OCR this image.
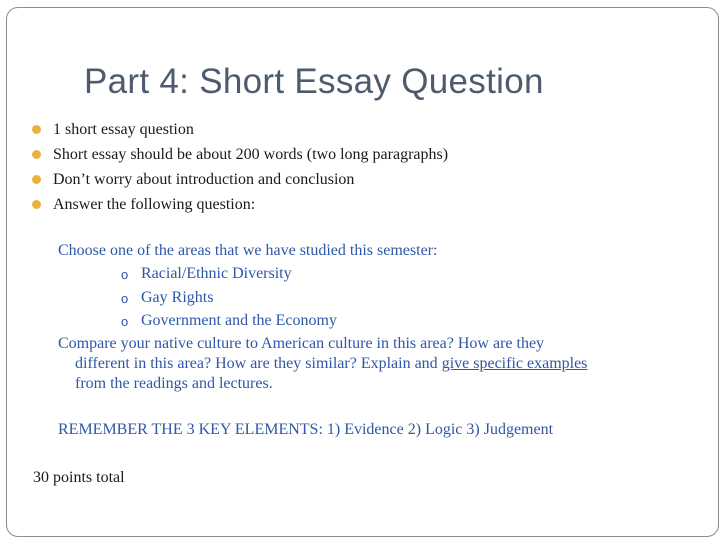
Part 4: Short Essay Question
1 short essay question
Short essay should be about 200 words (two long paragraphs)
Don’t worry about introduction and conclusion
Answer the following question:
Choose one of the areas that we have studied this semester:
o Racial/Ethnic Diversity
o Gay Rights
o Government and the Economy
Compare your native culture to American culture in this area? How are they
different in this area? How are they similar? Explain and give specific examples
from the readings and lectures.
REMEMBER THE 3 KEY ELEMENTS: 1) Evidence 2) Logic 3) Judgement
30 points total
